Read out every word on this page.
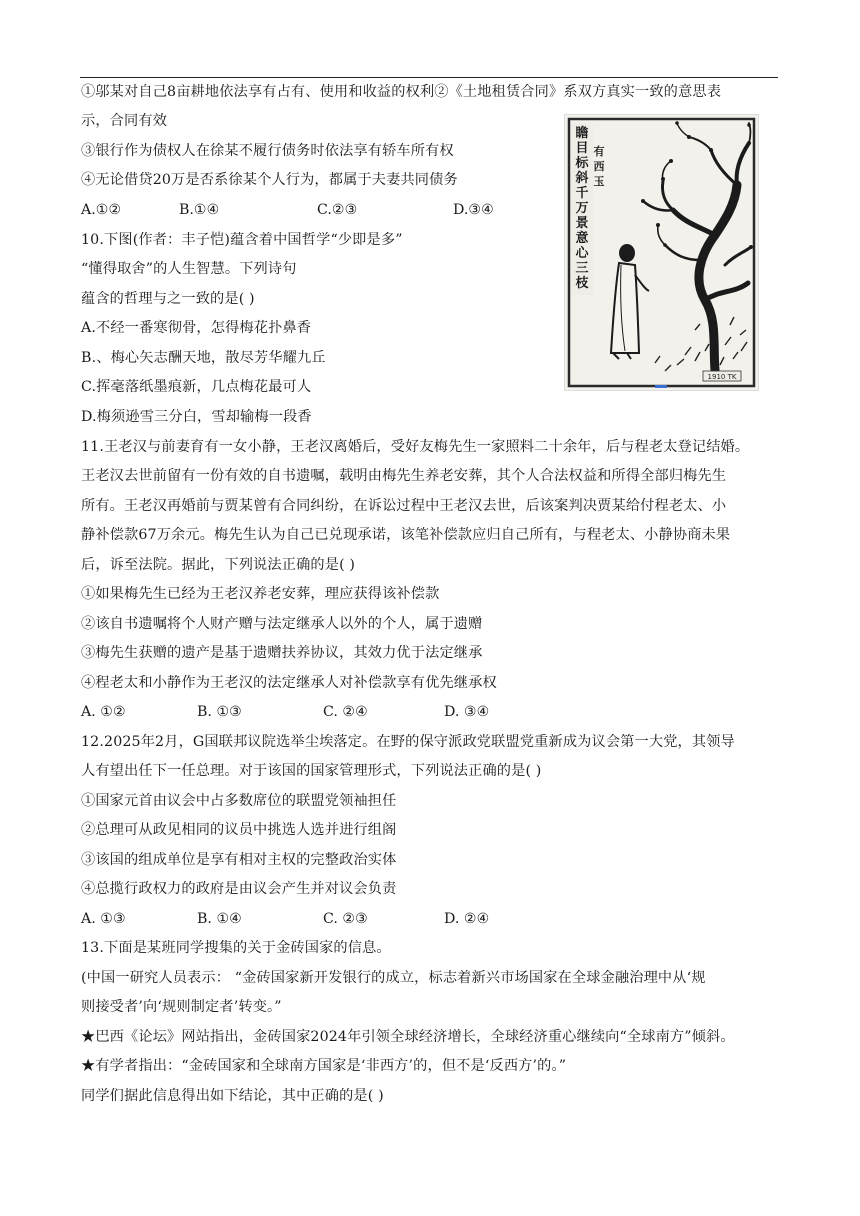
①邬某对自己8亩耕地依法享有占有、使用和收益的权利②《土地租赁合同》系双方真实一致的意思表
示，合同有效
③银行作为债权人在徐某不履行债务时依法享有轿车所有权
④无论借贷20万是否系徐某个人行为，都属于夫妻共同债务
A.①②	B.①④	C.②③	D.③④
10.下图(作者：丰子恺)蕴含着中国哲学“少即是多”
“懂得取舍”的人生智慧。下列诗句
蕴含的哲理与之一致的是( )
A.不经一番寒彻骨，怎得梅花扑鼻香
B.、梅心矢志酬天地，散尽芳华耀九丘
C.挥毫落纸墨痕新，几点梅花最可人
D.梅须逊雪三分白，雪却输梅一段香
瞻
目
标
斜
千
万
景
意
心
三
枝
有
西
玉
1910 TK
11.王老汉与前妻育有一女小静，王老汉离婚后，受好友梅先生一家照料二十余年，后与程老太登记结婚。
王老汉去世前留有一份有效的自书遗嘱，载明由梅先生养老安葬，其个人合法权益和所得全部归梅先生
所有。王老汉再婚前与贾某曾有合同纠纷，在诉讼过程中王老汉去世，后该案判决贾某给付程老太、小
静补偿款67万余元。梅先生认为自己已兑现承诺，该笔补偿款应归自己所有，与程老太、小静协商未果
后，诉至法院。据此，下列说法正确的是( )
①如果梅先生已经为王老汉养老安葬，理应获得该补偿款
②该自书遗嘱将个人财产赠与法定继承人以外的个人，属于遗赠
③梅先生获赠的遗产是基于遗赠扶养协议，其效力优于法定继承
④程老太和小静作为王老汉的法定继承人对补偿款享有优先继承权
A. ①②	B. ①③	C. ②④	D. ③④
12.2025年2月，G国联邦议院选举尘埃落定。在野的保守派政党联盟党重新成为议会第一大党，其领导
人有望出任下一任总理。对于该国的国家管理形式，下列说法正确的是( )
①国家元首由议会中占多数席位的联盟党领袖担任
②总理可从政见相同的议员中挑选人选并进行组阁
③该国的组成单位是享有相对主权的完整政治实体
④总揽行政权力的政府是由议会产生并对议会负责
A. ①③	B. ①④	C. ②③	D. ②④
13.下面是某班同学搜集的关于金砖国家的信息。
(中国一研究人员表示： “金砖国家新开发银行的成立，标志着新兴市场国家在全球金融治理中从‘规
则接受者’向‘规则制定者’转变。”
★巴西《论坛》网站指出，金砖国家2024年引领全球经济增长，全球经济重心继续向“全球南方”倾斜。
★有学者指出：“金砖国家和全球南方国家是‘非西方’的，但不是‘反西方’的。”
同学们据此信息得出如下结论，其中正确的是( )
